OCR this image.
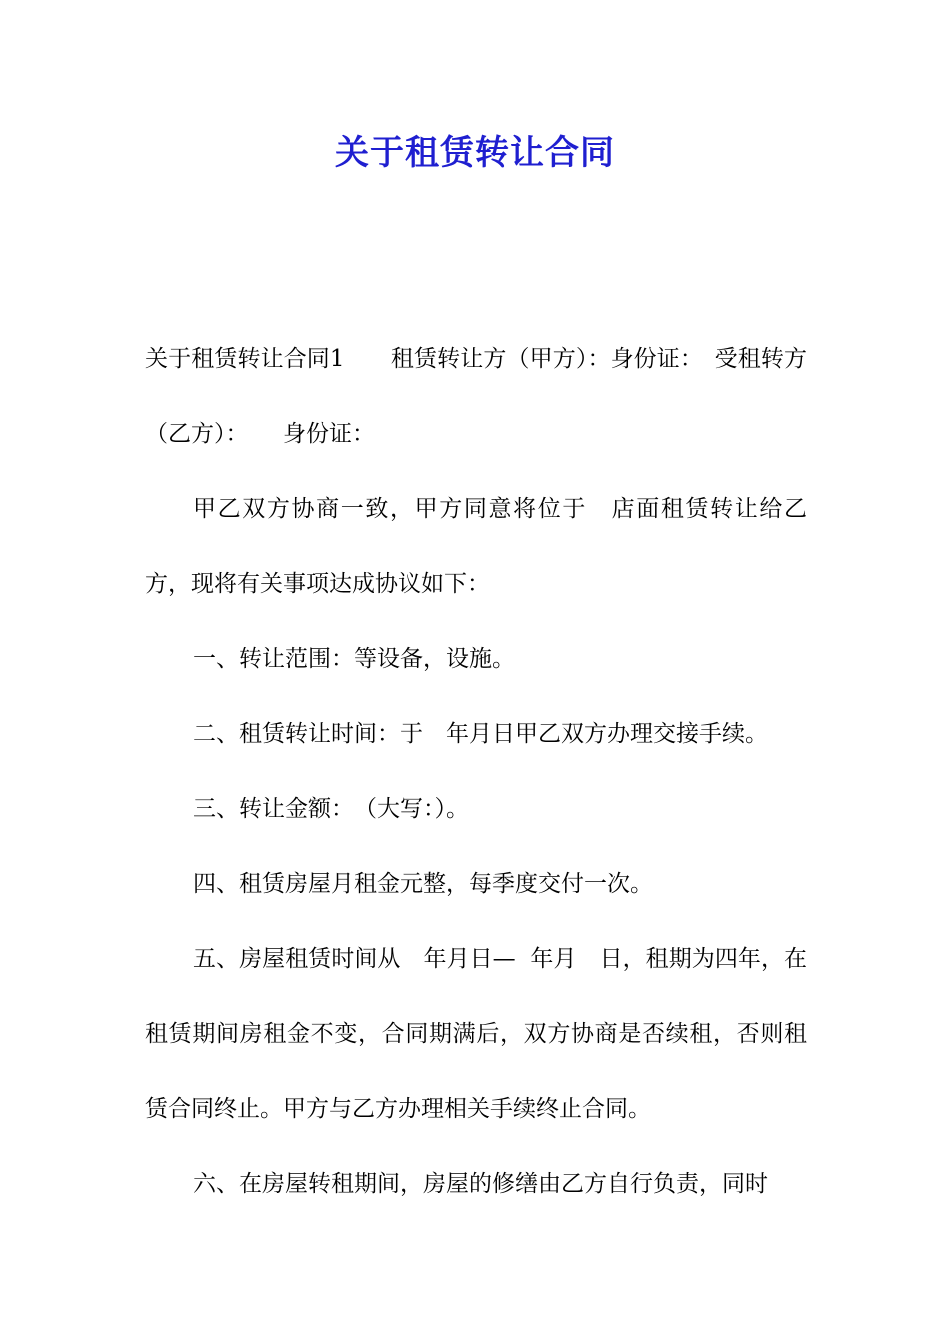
关于租赁转让合同

关于租赁转让合同1　　租赁转让方（甲方）：身份证：　受租转方（乙方）：　　身份证：

甲乙双方协商一致，甲方同意将位于　店面租赁转让给乙方，现将有关事项达成协议如下：

一、转让范围：等设备，设施。

二、租赁转让时间：于　年月日甲乙双方办理交接手续。

三、转让金额：　（大写：）。

四、租赁房屋月租金元整，每季度交付一次。

五、房屋租赁时间从　年月日—  年月　日，租期为四年，在租赁期间房租金不变，合同期满后，双方协商是否续租，否则租赁合同终止。甲方与乙方办理相关手续终止合同。

六、在房屋转租期间，房屋的修缮由乙方自行负责，同时
